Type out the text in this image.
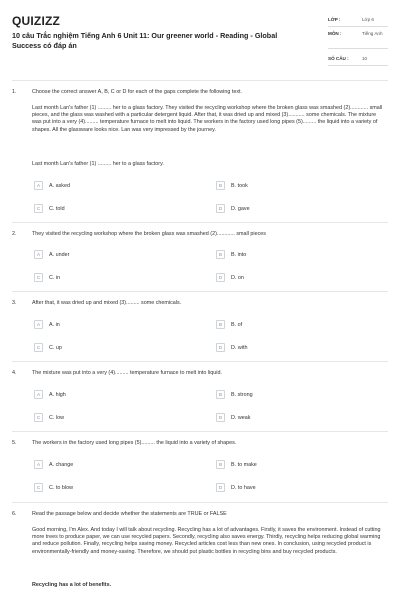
QUIZIZZ
10 câu Trắc nghiệm Tiếng Anh 6 Unit 11: Our greener world - Reading - Global Success có đáp án
LỚP :	Lớp 6
MÔN :	Tiếng Anh
SỐ CÂU :	10
1.	Choose the correct answer A, B, C or D for each of the gaps complete the following text.
Last month Lan's father (1) ......... her to a glass factory. They visited the recycling workshop where the broken glass was smashed (2)............ small pieces, and the glass was washed with a particular detergent liquid. After that, it was dried up and mixed (3)........... some chemicals. The mixture was put into a very (4)......... temperature furnace to melt into liquid. The workers in the factory used long pipes (5)......... the liquid into a variety of shapes. All the glassware looks nice. Lan was very impressed by the journey.
Last month Lan's father (1) ......... her to a glass factory.
A	A. asked	B	B. took
C	C. told	D	D. gave
2.	They visited the recycling workshop where the broken glass was smashed (2)............ small pieces
A	A. under	B	B. into
C	C. in	D	D. on
3.	After that, it was dried up and mixed (3)......... some chemicals.
A	A. in	B	B. of
C	C. up	D	D. with
4.	The mixture was put into a very (4)......... temperature furnace to melt into liquid.
A	A. high	B	B. strong
C	C. low	D	D. weak
5.	The workers in the factory used long pipes (5)......... the liquid into a variety of shapes.
A	A. change	B	B. to make
C	C. to blow	D	D. to have
6.	Read the passage below and decide whether the statements are TRUE or FALSE
Good morning, I'm Alex. And today I will talk about recycling. Recycling has a lot of advantages. Firstly, it saves the environment. Instead of cutting more trees to produce paper, we can use recycled papers. Secondly, recycling also saves energy. Thirdly, recycling helps reducing global warming and reduce pollution. Finally, recycling helps saving money. Recycled articles cost less than new ones. In conclusion, using recycled product is environmentally-friendly and money-saving. Therefore, we should put plastic bottles in recycling bins and buy recycled products.
Recycling has a lot of benefits.
